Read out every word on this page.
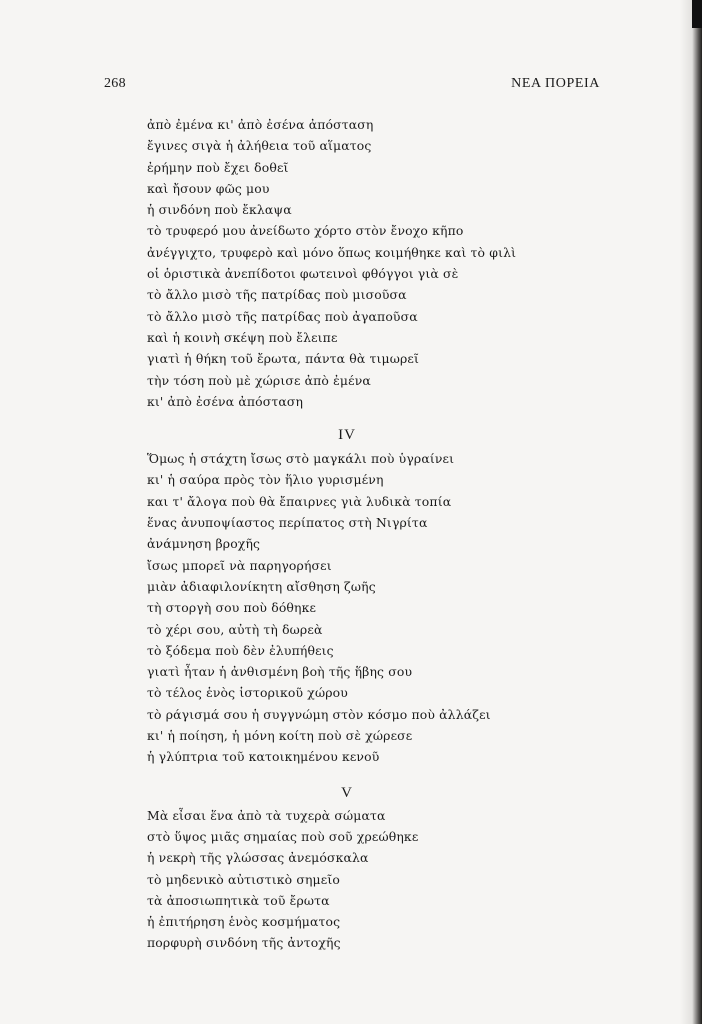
268	ΝΕΑ ΠΟΡΕΙΑ
ἀπὸ ἐμένα κι' ἀπὸ ἐσένα ἀπόσταση
ἔγινες σιγὰ ἡ ἀλήθεια τοῦ αἵματος
ἐρήμην ποὺ ἔχει δοθεῖ
καὶ ἤσουν φῶς μου
ἡ σινδόνη ποὺ ἔκλαψα
τὸ τρυφερό μου ἀνείδωτο χόρτο στὸν ἔνοχο κῆπο
ἀνέγγιχτο, τρυφερὸ καὶ μόνο ὅπως κοιμήθηκε καὶ τὸ φιλὶ
οἱ ὁριστικὰ ἀνεπίδοτοι φωτεινοὶ φθόγγοι γιὰ σὲ
τὸ ἄλλο μισὸ τῆς πατρίδας ποὺ μισοῦσα
τὸ ἄλλο μισὸ τῆς πατρίδας ποὺ ἀγαποῦσα
καὶ ἡ κοινὴ σκέψη ποὺ ἔλειπε
γιατὶ ἡ θήκη τοῦ ἔρωτα, πάντα θὰ τιμωρεῖ
τὴν τόση ποὺ μὲ χώρισε ἀπὸ ἐμένα
κι' ἀπὸ ἐσένα ἀπόσταση
IV
Ὅμως ἡ στάχτη ἴσως στὸ μαγκάλι ποὺ ὑγραίνει
κι' ἡ σαύρα πρὸς τὸν ἥλιο γυρισμένη
και τ' ἄλογα ποὺ θὰ ἔπαιρνες γιὰ λυδικὰ τοπία
ἕνας ἀνυποψίαστος περίπατος στὴ Νιγρίτα
ἀνάμνηση βροχῆς
ἴσως μπορεῖ νὰ παρηγορήσει
μιὰν ἀδιαφιλονίκητη αἴσθηση ζωῆς
τὴ στοργὴ σου ποὺ δόθηκε
τὸ χέρι σου, αὐτὴ τὴ δωρεὰ
τὸ ξόδεμα ποὺ δὲν ἐλυπήθεις
γιατὶ ἦταν ἡ ἀνθισμένη βοὴ τῆς ἥβης σου
τὸ τέλος ἑνὸς ἱστορικοῦ χώρου
τὸ ράγισμά σου ἡ συγγνώμη στὸν κόσμο ποὺ ἀλλάζει
κι' ἡ ποίηση, ἡ μόνη κοίτη ποὺ σὲ χώρεσε
ἡ γλύπτρια τοῦ κατοικημένου κενοῦ
V
Μὰ εἶσαι ἕνα ἀπὸ τὰ τυχερὰ σώματα
στὸ ὕψος μιᾶς σημαίας ποὺ σοῦ χρεώθηκε
ἡ νεκρὴ τῆς γλώσσας ἀνεμόσκαλα
τὸ μηδενικὸ αὐτιστικὸ σημεῖο
τὰ ἀποσιωπητικὰ τοῦ ἔρωτα
ἡ ἐπιτήρηση ἑνὸς κοσμήματος
πορφυρὴ σινδόνη τῆς ἀντοχῆς
